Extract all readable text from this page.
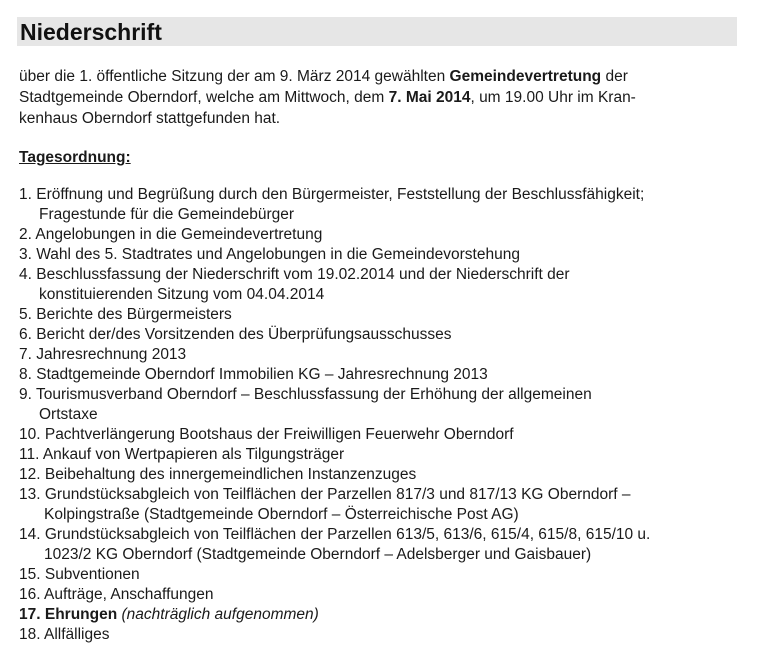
Niederschrift

über die 1. öffentliche Sitzung der am 9. März 2014 gewählten Gemeindevertretung der Stadtgemeinde Oberndorf, welche am Mittwoch, dem 7. Mai 2014, um 19.00 Uhr im Kran-
kenhaus Oberndorf stattgefunden hat.

Tagesordnung:

1. Eröffnung und Begrüßung durch den Bürgermeister, Feststellung der Beschlussfähigkeit;
Fragestunde für die Gemeindebürger
2. Angelobungen in die Gemeindevertretung
3. Wahl des 5. Stadtrates und Angelobungen in die Gemeindevorstehung
4. Beschlussfassung der Niederschrift vom 19.02.2014 und der Niederschrift der
konstituierenden Sitzung vom 04.04.2014
5. Berichte des Bürgermeisters
6. Bericht der/des Vorsitzenden des Überprüfungsausschusses
7. Jahresrechnung 2013
8. Stadtgemeinde Oberndorf Immobilien KG – Jahresrechnung 2013
9. Tourismusverband Oberndorf – Beschlussfassung der Erhöhung der allgemeinen
Ortstaxe
10. Pachtverlängerung Bootshaus der Freiwilligen Feuerwehr Oberndorf
11. Ankauf von Wertpapieren als Tilgungsträger
12. Beibehaltung des innergemeindlichen Instanzenzuges
13. Grundstücksabgleich von Teilflächen der Parzellen 817/3 und 817/13 KG Oberndorf –
Kolpingstraße (Stadtgemeinde Oberndorf – Österreichische Post AG)
14. Grundstücksabgleich von Teilflächen der Parzellen 613/5, 613/6, 615/4, 615/8, 615/10 u.
1023/2 KG Oberndorf (Stadtgemeinde Oberndorf – Adelsberger und Gaisbauer)
15. Subventionen
16. Aufträge, Anschaffungen
17. Ehrungen (nachträglich aufgenommen)
18. Allfälliges
